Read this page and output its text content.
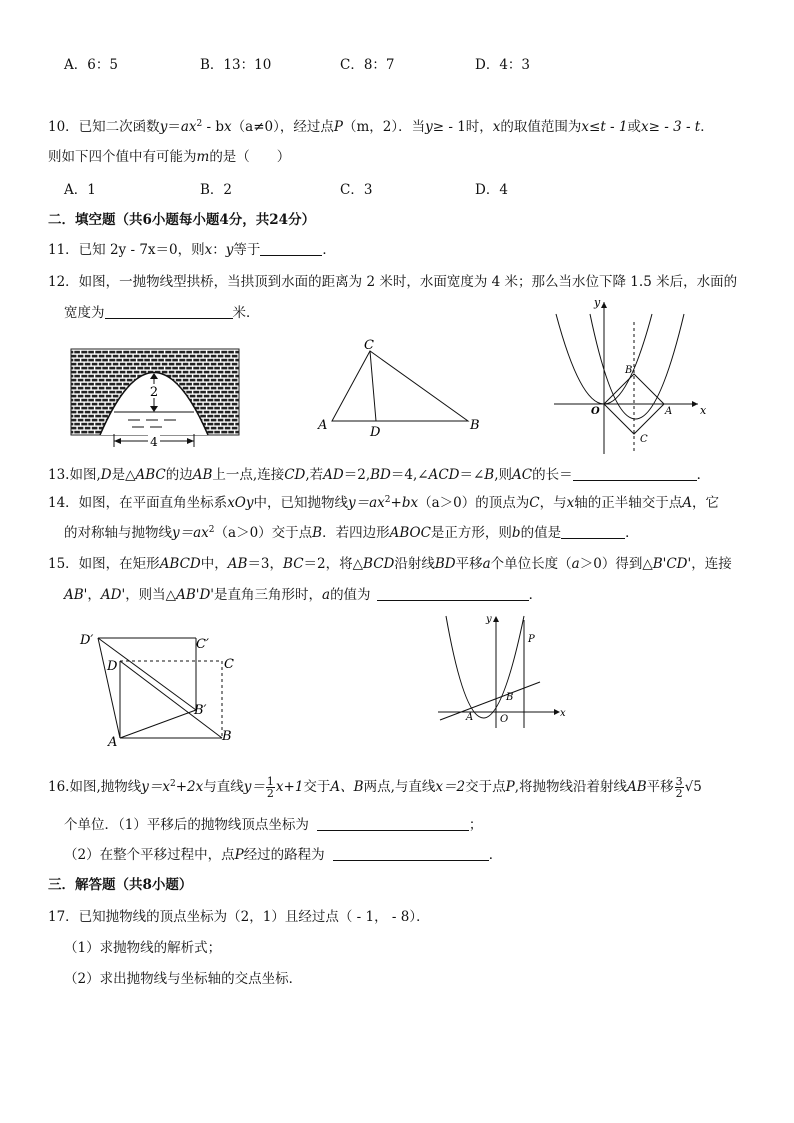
A．6：5	B．13：10	C．8：7	D．4：3
10．已知二次函数$y=ax^2 - bx(a\ne 0)$，经过点P（m，2）．当y≥ - 1时，x的取值范围为x≤t - 1或x≥ - 3 - t．
则如下四个值中有可能为m的是（　　）
A．1	B．2	C．3	D．4
二．填空题（共6小题每小题4分，共24分）
11．已知 2y - 7x＝0，则x：y等于	．
12．如图，一抛物线型拱桥，当拱顶到水面的距离为 2 米时，水面宽度为 4 米；那么当水位下降 1.5 米后，水面的
宽度为	米．
2
4
C
A	B
D
y
x
O	A
B
C
13.如图,D是△ABC的边AB上一点,连接CD,若AD＝2,BD＝4,∠ACD＝∠B,则AC的长＝	．
14．如图，在平面直角坐标系xOy中，已知抛物线$y=ax^2+bx(a>0)$的顶点为C，与x轴的正半轴交于点A，它
的对称轴与抛物线$y=ax^2(a>0)$交于点B．若四边形ABOC是正方形，则b的值是	．
15．如图，在矩形ABCD中，AB＝3，BC＝2，将△BCD沿射线BD平移a个单位长度（a＞0）得到△B'CD'，连接
AB'，AD'，则当△AB'D'是直角三角形时，a的值为	．
D′	C′
D	C
B′
A	B
y
x
P
A
B
O
16.如图,抛物线$y=x^2+2x$与直线$y= \frac{1}{2} x+1$交于A、B两点,与直线x＝2交于点P,将抛物线沿着射线AB平移 $\frac{3}{2} √5$
个单位．（1）平移后的抛物线顶点坐标为	；
（2）在整个平移过程中，点P经过的路程为	．
三．解答题（共8小题）
17．已知抛物线的顶点坐标为（2，1）且经过点（ - 1， - 8）．
（1）求抛物线的解析式；
（2）求出抛物线与坐标轴的交点坐标．
